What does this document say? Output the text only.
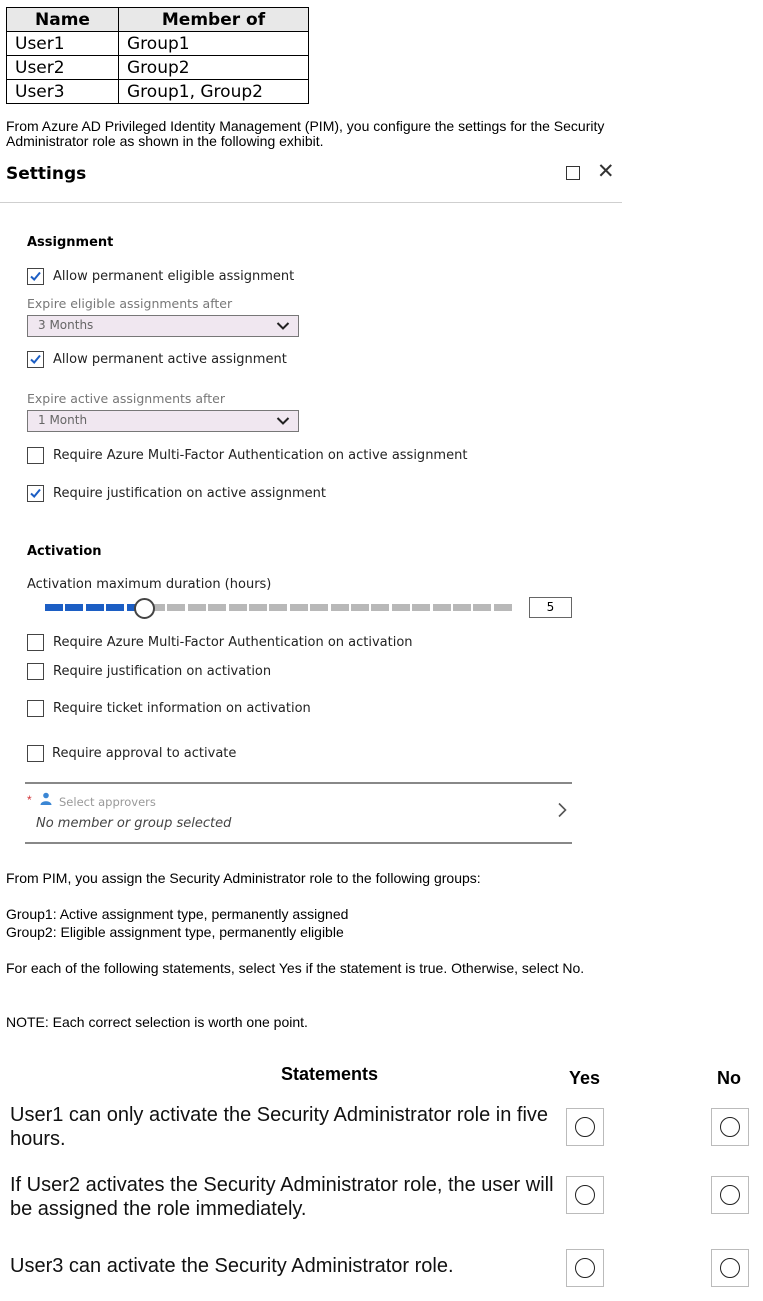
Name	Member of
User1	Group1
User2	Group2
User3	Group1, Group2
From Azure AD Privileged Identity Management (PIM), you configure the settings for the Security Administrator role as shown in the following exhibit.
Settings	✕
Assignment
Allow permanent eligible assignment
Expire eligible assignments after
3 Months
Allow permanent active assignment
Expire active assignments after
1 Month
Require Azure Multi-Factor Authentication on active assignment
Require justification on active assignment
Activation
Activation maximum duration (hours)
5
Require Azure Multi-Factor Authentication on activation
Require justification on activation
Require ticket information on activation
Require approval to activate
* Select approvers
No member or group selected
From PIM, you assign the Security Administrator role to the following groups:
Group1: Active assignment type, permanently assigned
Group2: Eligible assignment type, permanently eligible
For each of the following statements, select Yes if the statement is true. Otherwise, select No.
NOTE: Each correct selection is worth one point.
Statements	Yes	No
User1 can only activate the Security Administrator role in five hours.
If User2 activates the Security Administrator role, the user will be assigned the role immediately.
User3 can activate the Security Administrator role.
